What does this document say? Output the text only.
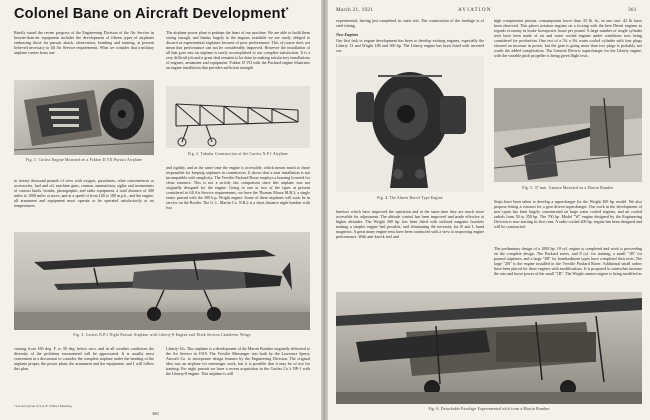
Colonel Bane on Aircraft Development*
Briefly stated the recent progress of the Engineering Division of the Air Service in heavier-than-air equipment includes the development of fifteen types of airplanes embracing those for pursuit attack, observation, bombing and training, at present believed necessary to fill Air Service requirements. What we consider that a military airplane carries from one
Fig. 1. Curtiss Engine Mounted on a Fokker D.VII Pursuit Airplane
to twenty thousand pounds of crew with oxygen, parachutes, other conveniences or accessories, fuel and oil, machine guns, cannon, ammunition, sights and instruments of various kinds, bombs, photographic and radio equipment, a total distance of 300 miles to 1000 miles or more, and at a speed of from 100 to 180 m.p.h., and the engine, all armament and equipment must operate or be operated satisfactorily at air temperatures
The airplane power plant is perhaps the heart of our machine. We are able to build them strong enough, and thanks largely to the engines available we are rarely obliged to discard as experimental airplanes because of poor performance. This of course does not mean that performance can not be considerably improved. However the installation of all that goes into an airplane is rarely accomplished to our complete satisfaction. It is a very difficult job and a great deal remains to be done in making satisfactory installations of engines, armament and equipment. Fokker D VII with the Packard engine illustrates an engine installation that provides sufficient strength
Fig. 2. Tubular Construction of the Curtiss N.P.1 Airplane
and rigidity, and at the same time the engine is accessible, which means much to those responsible for keeping airplanes in commission. It shows that a neat installation is not incompatible with simplicity. The Vervilie Packard Racer employs a housing lowered for clean entrance. This is not a strictly fair comparison since this airplane was not originally designed for the engine. Going to one or two of the types at present considered to fill Air Service requirements, we have the Thomas Morse M.B.3, a single seater pursuit with the 300 h.p. Wright engine. Some of these airplanes will soon be in service on the Border. The G. L. Martin Co. N.B.2 is a short distance night bomber with two
Fig. 3. Curtiss N.P.1 Night Pursuit Airplane with Liberty-8 Engine and Thick Section Cantilever Wings
varying from 160 deg. F. to 50 deg. below zero, and in all weather conditions the diversity of the problems encountered will be appreciated. It is usually most convenient in a discussion to consider the complete airplane under the heading of the airplane proper, the power plant, the armament and the equipment, and I will follow this plan.
Liberty-12s. This airplane is a development of the Martin Bomber originally delivered to the Air Service in 1919. The Vervilie Messenger was built by the Lawrence Sperry Aircraft Co. to incorporate design features by the Engineering Division. The original idea was an airplane for messenger work, but it is possible that it may be of use for training. For night pursuit we have a recent acquisition in the Curtiss Co.'s NP-1 with the Liberty-8 engine. This airplane is still
*Lecture given at S.A.E. Winter Meeting
360
March 21, 1921	AVIATION	361
experimental, having just completed its static test. The construction of the fuselage is of steel tubing.
New Engines
Our first task in engine development has been to develop existing engines, especially the Liberty 12 and Wright 180 and 300 hp. The Liberty engine has been fitted with inverted car-
Fig. 4. The Almen Barrel Type Engine
buretors which have improved the operation and at the same time they are much more accessible for adjustment. The altitude control has been improved and made effective at higher altitudes. The Wright 300 hp. has been fitted with inclined magneto brackets making a simpler engine bed possible, and eliminating the necessity for R and L hand magnetos. A great many engine tests have been conducted with a view to improving engine performance. With anti-knock fuel and
high compression pistons, consumptions lower than .55 lb. hr., in one case .42 lb. have been observed. This places aviation engines on a footing with the best Diesel engines as regards economy in brake horsepower hours per pound. A large number of single cylinder tests have been made of air and water cooled engines under conditions now being considered for production. One test of a 5¾ x 6¾ water cooled cylinder with four plugs showed an increase in power, but the gain is going more than two plugs is probably not worth the added complication. The General Electric supercharger for the Liberty engine, with the variable pitch propeller is being given flight tests.
Fig. 5. 37 mm. Cannon Mounted on a Martin Bomber
Steps have been taken to develop a supercharger for the Wright 300 hp. model. We also propose letting a contract for a gear driven supercharger. Our work in the development of new types has been largely concentrated on large water cooled engines, and air cooled radials from 50 to 350 hp. The 700 hp. Model "W" engine designed by the Engineering Division is now starting its first runs. A radio-cooled 400 hp. engine has been designed and will be constructed.
The preliminary design of a 1000 hp. 18 cyl. engine is completed and work is proceeding on the complete design. The Packard series, and 8 cyl. for training, a small "1B" for parasol airplanes, and a large "2B" for bombardment types have completed their tests. The large "2B" is the engine installed in the Verville Packard Racer. Additional small orders have been placed for these engines with modifications. It is proposed to somewhat increase the size and horse power of the small "1B". The Wright cannon engine is being modified as
Fig. 6. Detachable Fuselage Experimented with from a Martin Bomber
